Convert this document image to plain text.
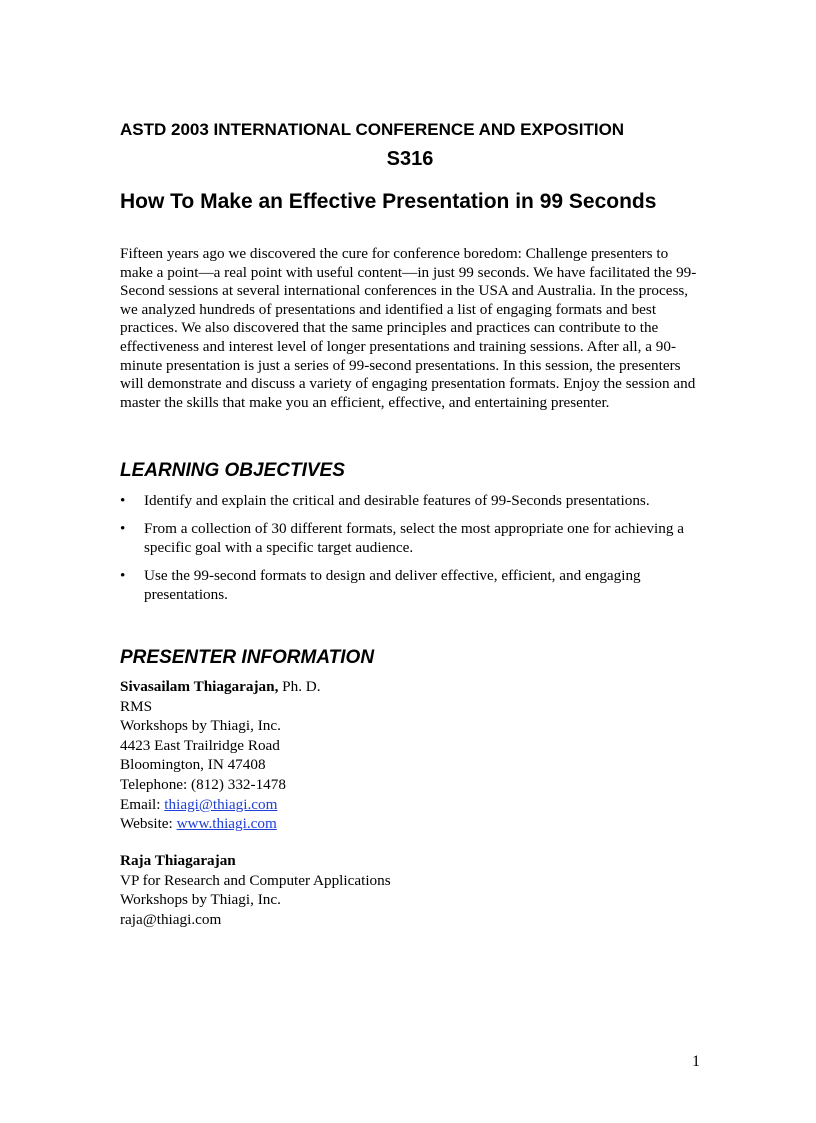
ASTD 2003 INTERNATIONAL CONFERENCE AND EXPOSITION
S316
How To Make an Effective Presentation in 99 Seconds

Fifteen years ago we discovered the cure for conference boredom: Challenge presenters to make a point—a real point with useful content—in just 99 seconds. We have facilitated the 99-Second sessions at several international conferences in the USA and Australia. In the process, we analyzed hundreds of presentations and identified a list of engaging formats and best practices. We also discovered that the same principles and practices can contribute to the effectiveness and interest level of longer presentations and training sessions. After all, a 90-minute presentation is just a series of 99-second presentations. In this session, the presenters will demonstrate and discuss a variety of engaging presentation formats. Enjoy the session and master the skills that make you an efficient, effective, and entertaining presenter.

LEARNING OBJECTIVES
• Identify and explain the critical and desirable features of 99-Seconds presentations.
• From a collection of 30 different formats, select the most appropriate one for achieving a specific goal with a specific target audience.
• Use the 99-second formats to design and deliver effective, efficient, and engaging presentations.
PRESENTER INFORMATION
Sivasailam Thiagarajan, Ph. D.
RMS
Workshops by Thiagi, Inc.
4423 East Trailridge Road
Bloomington, IN 47408
Telephone: (812) 332-1478
Email: thiagi@thiagi.com
Website: www.thiagi.com
Raja Thiagarajan
VP for Research and Computer Applications
Workshops by Thiagi, Inc.
raja@thiagi.com
1
